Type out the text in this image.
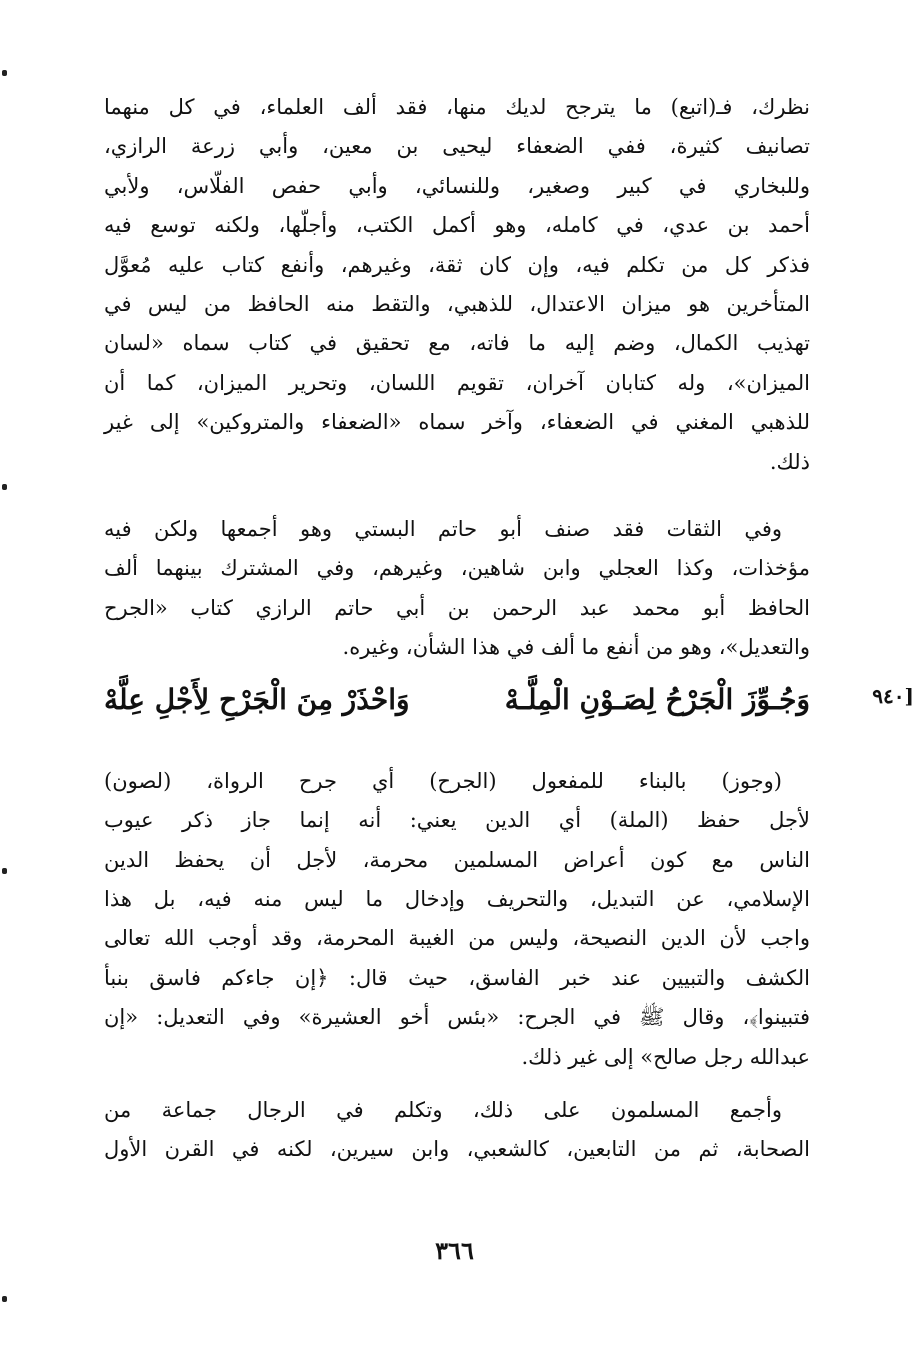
نظرك، فـ(اتبع) ما يترجح لديك منها، فقد ألف العلماء، في كل منهما
تصانيف كثيرة، ففي الضعفاء ليحيى بن معين، وأبي زرعة الرازي،
وللبخاري في كبير وصغير، وللنسائي، وأبي حفص الفلّاس، ولأبي
أحمد بن عدي، في كامله، وهو أكمل الكتب، وأجلّها، ولكنه توسع فيه
فذكر كل من تكلم فيه، وإن كان ثقة، وغيرهم، وأنفع كتاب عليه مُعوَّل
المتأخرين هو ميزان الاعتدال، للذهبي، والتقط منه الحافظ من ليس في
تهذيب الكمال، وضم إليه ما فاته، مع تحقيق في كتاب سماه «لسان
الميزان»، وله كتابان آخران، تقويم اللسان، وتحرير الميزان، كما أن
للذهبي المغني في الضعفاء، وآخر سماه «الضعفاء والمتروكين» إلى غير
ذلك.
وفي الثقات فقد صنف أبو حاتم البستي وهو أجمعها ولكن فيه
مؤخذات، وكذا العجلي وابن شاهين، وغيرهم، وفي المشترك بينهما ألف
الحافظ أبو محمد عبد الرحمن بن أبي حاتم الرازي كتاب «الجرح
والتعديل»، وهو من أنفع ما ألف في هذا الشأن، وغيره.
[٩٤٠
وَجُـوِّزَ الْجَرْحُ لِصَـوْنِ الْمِلَّـهْ
وَاحْذَرْ مِنَ الْجَرْحِ لِأَجْلِ عِلَّهْ
(وجوز) بالبناء للمفعول (الجرح) أي جرح الرواة، (لصون)
لأجل حفظ (الملة) أي الدين يعني: أنه إنما جاز ذكر عيوب
الناس مع كون أعراض المسلمين محرمة، لأجل أن يحفظ الدين
الإسلامي، عن التبديل، والتحريف وإدخال ما ليس منه فيه، بل هذا
واجب لأن الدين النصيحة، وليس من الغيبة المحرمة، وقد أوجب الله تعالى
الكشف والتبيين عند خبر الفاسق، حيث قال: ﴿إن جاءكم فاسق بنبأ
فتبينوا﴾، وقال ﷺ في الجرح: «بئس أخو العشيرة» وفي التعديل: «إن
عبدالله رجل صالح» إلى غير ذلك.
وأجمع المسلمون على ذلك، وتكلم في الرجال جماعة من
الصحابة، ثم من التابعين، كالشعبي، وابن سيرين، لكنه في القرن الأول
٣٦٦
